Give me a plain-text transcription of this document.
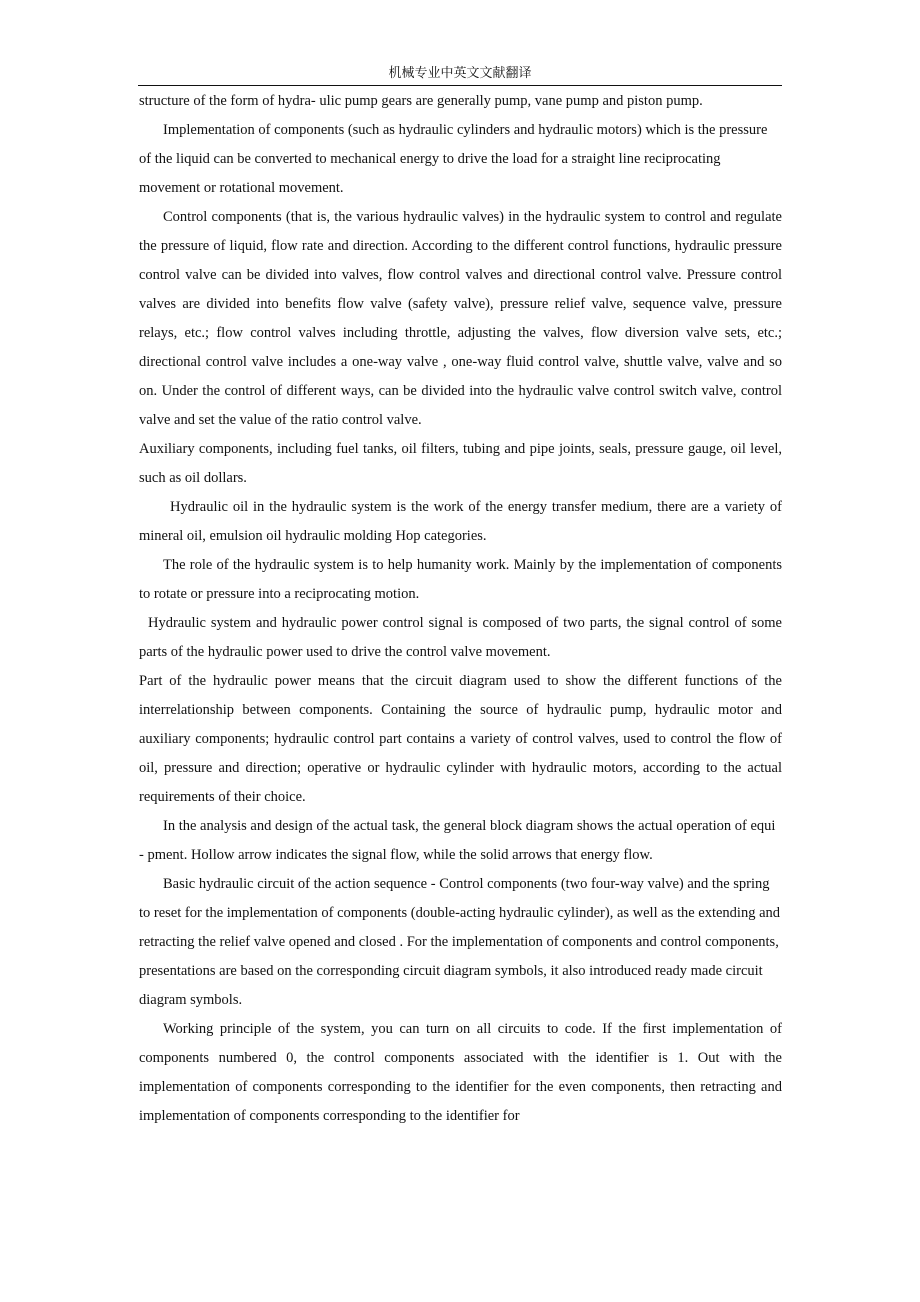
机械专业中英文文献翻译

structure of the form of hydra- ulic pump gears are generally pump, vane pump and piston pump.

Implementation of components (such as hydraulic cylinders and hydraulic motors) which is the pressure of the liquid can be converted to mechanical energy to drive the load for a straight line reciprocating movement or rotational movement.

Control components (that is, the various hydraulic valves) in the hydraulic system to control and regulate the pressure of liquid, flow rate and direction. According to the different control functions, hydraulic pressure control valve can be divided into valves, flow control valves and directional control valve. Pressure control valves are divided into benefits flow valve (safety valve), pressure relief valve, sequence valve, pressure relays, etc.; flow control valves including throttle, adjusting the valves, flow diversion valve sets, etc.; directional control valve includes a one-way valve , one-way fluid control valve, shuttle valve, valve and so on. Under the control of different ways, can be divided into the hydraulic valve control switch valve, control valve and set the value of the ratio control valve.

Auxiliary components, including fuel tanks, oil filters, tubing and pipe joints, seals, pressure gauge, oil level, such as oil dollars.

Hydraulic oil in the hydraulic system is the work of the energy transfer medium, there are a variety of mineral oil, emulsion oil hydraulic molding Hop categories.

The role of the hydraulic system is to help humanity work. Mainly by the implementation of components to rotate or pressure into a reciprocating motion.

Hydraulic system and hydraulic power control signal is composed of two parts, the signal control of some parts of the hydraulic power used to drive the control valve movement.

Part of the hydraulic power means that the circuit diagram used to show the different functions of the interrelationship between components. Containing the source of hydraulic pump, hydraulic motor and auxiliary components; hydraulic control part contains a variety of control valves, used to control the flow of oil, pressure and direction; operative or hydraulic cylinder with hydraulic motors, according to the actual requirements of their choice.

In the analysis and design of the actual task, the general block diagram shows the actual operation of equi - pment. Hollow arrow indicates the signal flow, while the solid arrows that energy flow.

Basic hydraulic circuit of the action sequence - Control components (two four-way valve) and the spring to reset for the implementation of components (double-acting hydraulic cylinder), as well as the extending and retracting the relief valve opened and closed . For the implementation of components and control components, presentations are based on the corresponding circuit diagram symbols, it also introduced ready made circuit diagram symbols.

Working principle of the system, you can turn on all circuits to code. If the first implementation of components numbered 0, the control components associated with the identifier is 1. Out with the implementation of components corresponding to the identifier for the even components, then retracting and implementation of components corresponding to the identifier for
